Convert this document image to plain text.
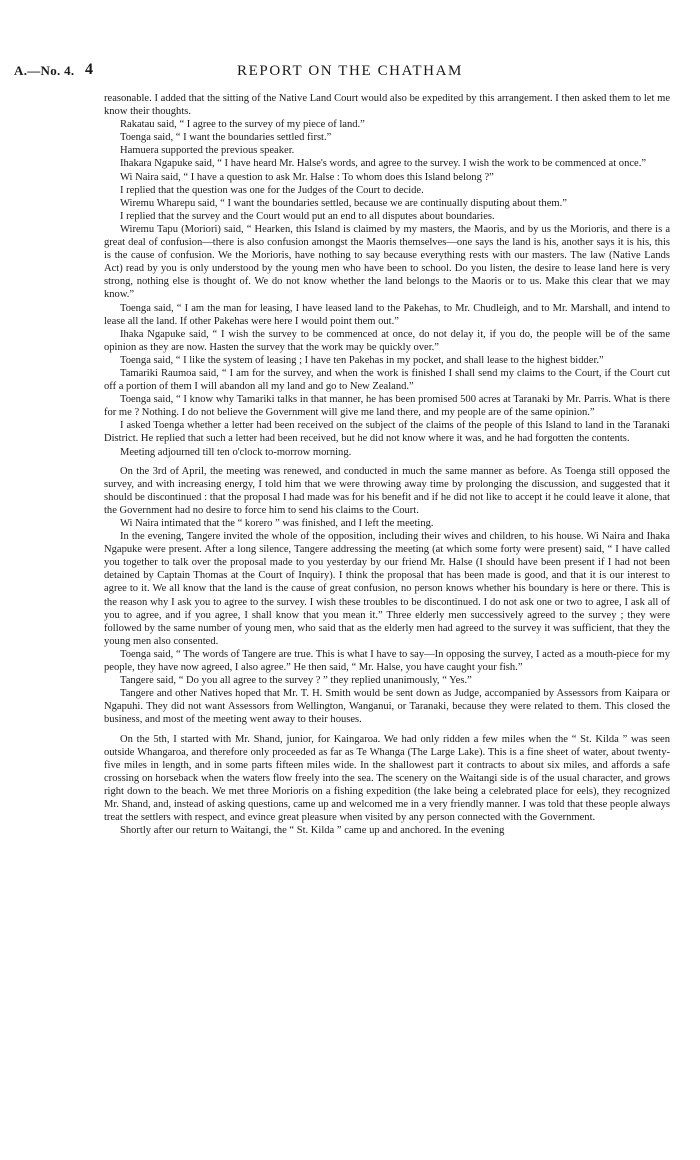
A.—No. 4. 4	REPORT ON THE CHATHAM

reasonable. I added that the sitting of the Native Land Court would also be expedited by this arrangement. I then asked them to let me know their thoughts.

Rakatau said, “ I agree to the survey of my piece of land.”

Toenga said, “ I want the boundaries settled first.”

Hamuera supported the previous speaker.

Ihakara Ngapuke said, “ I have heard Mr. Halse's words, and agree to the survey. I wish the work to be commenced at once.”

Wi Naira said, “ I have a question to ask Mr. Halse : To whom does this Island belong ?”

I replied that the question was one for the Judges of the Court to decide.

Wiremu Wharepu said, “ I want the boundaries settled, because we are continually disputing about them.”

I replied that the survey and the Court would put an end to all disputes about boundaries.

Wiremu Tapu (Moriori) said, “ Hearken, this Island is claimed by my masters, the Maoris, and by us the Morioris, and there is a great deal of confusion—there is also confusion amongst the Maoris themselves—one says the land is his, another says it is his, this is the cause of confusion. We the Morioris, have nothing to say because everything rests with our masters. The law (Native Lands Act) read by you is only understood by the young men who have been to school. Do you listen, the desire to lease land here is very strong, nothing else is thought of. We do not know whether the land belongs to the Maoris or to us. Make this clear that we may know.”

Toenga said, “ I am the man for leasing, I have leased land to the Pakehas, to Mr. Chudleigh, and to Mr. Marshall, and intend to lease all the land. If other Pakehas were here I would point them out.”

Ihaka Ngapuke said, “ I wish the survey to be commenced at once, do not delay it, if you do, the people will be of the same opinion as they are now. Hasten the survey that the work may be quickly over.”

Toenga said, “ I like the system of leasing ; I have ten Pakehas in my pocket, and shall lease to the highest bidder.”

Tamariki Raumoa said, “ I am for the survey, and when the work is finished I shall send my claims to the Court, if the Court cut off a portion of them I will abandon all my land and go to New Zealand.”

Toenga said, “ I know why Tamariki talks in that manner, he has been promised 500 acres at Taranaki by Mr. Parris. What is there for me ? Nothing. I do not believe the Government will give me land there, and my people are of the same opinion.”

I asked Toenga whether a letter had been received on the subject of the claims of the people of this Island to land in the Taranaki District. He replied that such a letter had been received, but he did not know where it was, and he had forgotten the contents.

Meeting adjourned till ten o'clock to-morrow morning.

On the 3rd of April, the meeting was renewed, and conducted in much the same manner as before. As Toenga still opposed the survey, and with increasing energy, I told him that we were throwing away time by prolonging the discussion, and suggested that it should be discontinued : that the proposal I had made was for his benefit and if he did not like to accept it he could leave it alone, that the Government had no desire to force him to send his claims to the Court.

Wi Naira intimated that the “ korero ” was finished, and I left the meeting.

In the evening, Tangere invited the whole of the opposition, including their wives and children, to his house. Wi Naira and Ihaka Ngapuke were present. After a long silence, Tangere addressing the meeting (at which some forty were present) said, “ I have called you together to talk over the proposal made to you yesterday by our friend Mr. Halse (I should have been present if I had not been detained by Captain Thomas at the Court of Inquiry). I think the proposal that has been made is good, and that it is our interest to agree to it. We all know that the land is the cause of great confusion, no person knows whether his boundary is here or there. This is the reason why I ask you to agree to the survey. I wish these troubles to be discontinued. I do not ask one or two to agree, I ask all of you to agree, and if you agree, I shall know that you mean it.” Three elderly men successively agreed to the survey ; they were followed by the same number of young men, who said that as the elderly men had agreed to the survey it was sufficient, that they the young men also consented.

Toenga said, “ The words of Tangere are true. This is what I have to say—In opposing the survey, I acted as a mouth-piece for my people, they have now agreed, I also agree.” He then said, “ Mr. Halse, you have caught your fish.”

Tangere said, “ Do you all agree to the survey ? ” they replied unanimously, “ Yes.”

Tangere and other Natives hoped that Mr. T. H. Smith would be sent down as Judge, accompanied by Assessors from Kaipara or Ngapuhi. They did not want Assessors from Wellington, Wanganui, or Taranaki, because they were related to them. This closed the business, and most of the meeting went away to their houses.

On the 5th, I started with Mr. Shand, junior, for Kaingaroa. We had only ridden a few miles when the “ St. Kilda ” was seen outside Whangaroa, and therefore only proceeded as far as Te Whanga (The Large Lake). This is a fine sheet of water, about twenty-five miles in length, and in some parts fifteen miles wide. In the shallowest part it contracts to about six miles, and affords a safe crossing on horseback when the waters flow freely into the sea. The scenery on the Waitangi side is of the usual character, and grows right down to the beach. We met three Morioris on a fishing expedition (the lake being a celebrated place for eels), they recognized Mr. Shand, and, instead of asking questions, came up and welcomed me in a very friendly manner. I was told that these people always treat the settlers with respect, and evince great pleasure when visited by any person connected with the Government.

Shortly after our return to Waitangi, the “ St. Kilda ” came up and anchored. In the evening
